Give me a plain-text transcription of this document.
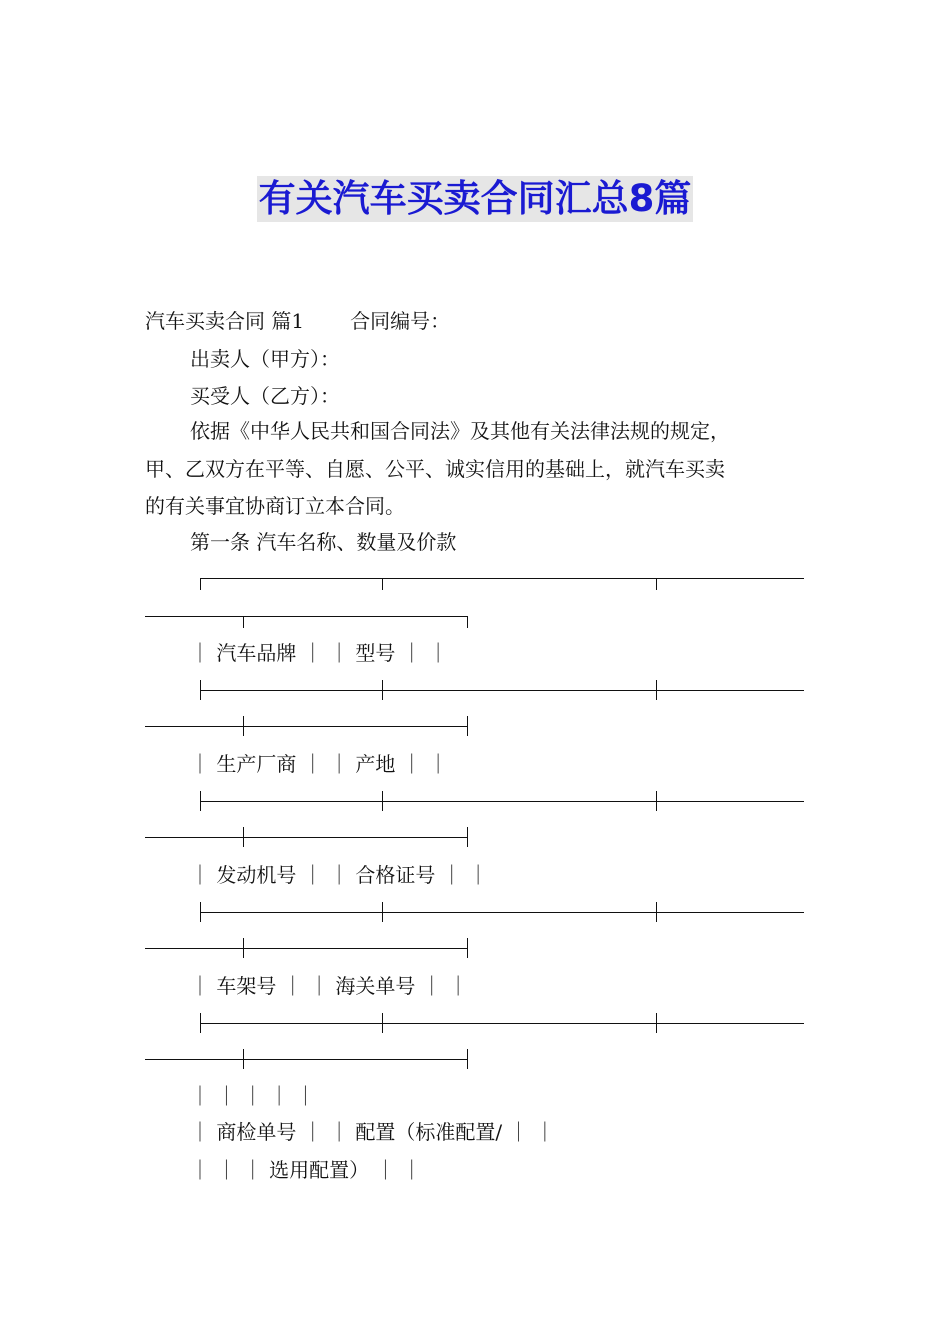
有关汽车买卖合同汇总8篇
汽车买卖合同 篇1 合同编号：
出卖人（甲方）：
买受人（乙方）：
依据《中华人民共和国合同法》及其他有关法律法规的规定，
甲、乙双方在平等、自愿、公平、诚实信用的基础上，就汽车买卖
的有关事宜协商订立本合同。
第一条 汽车名称、数量及价款
｜ 汽车品牌 ｜ ｜ 型号 ｜ ｜
｜ 生产厂商 ｜ ｜ 产地 ｜ ｜
｜ 发动机号 ｜ ｜ 合格证号 ｜ ｜
｜ 车架号 ｜ ｜ 海关单号 ｜ ｜
｜ ｜ ｜ ｜ ｜
｜ 商检单号 ｜ ｜ 配置（标准配置/ ｜ ｜
｜ ｜ ｜ 选用配置） ｜ ｜
